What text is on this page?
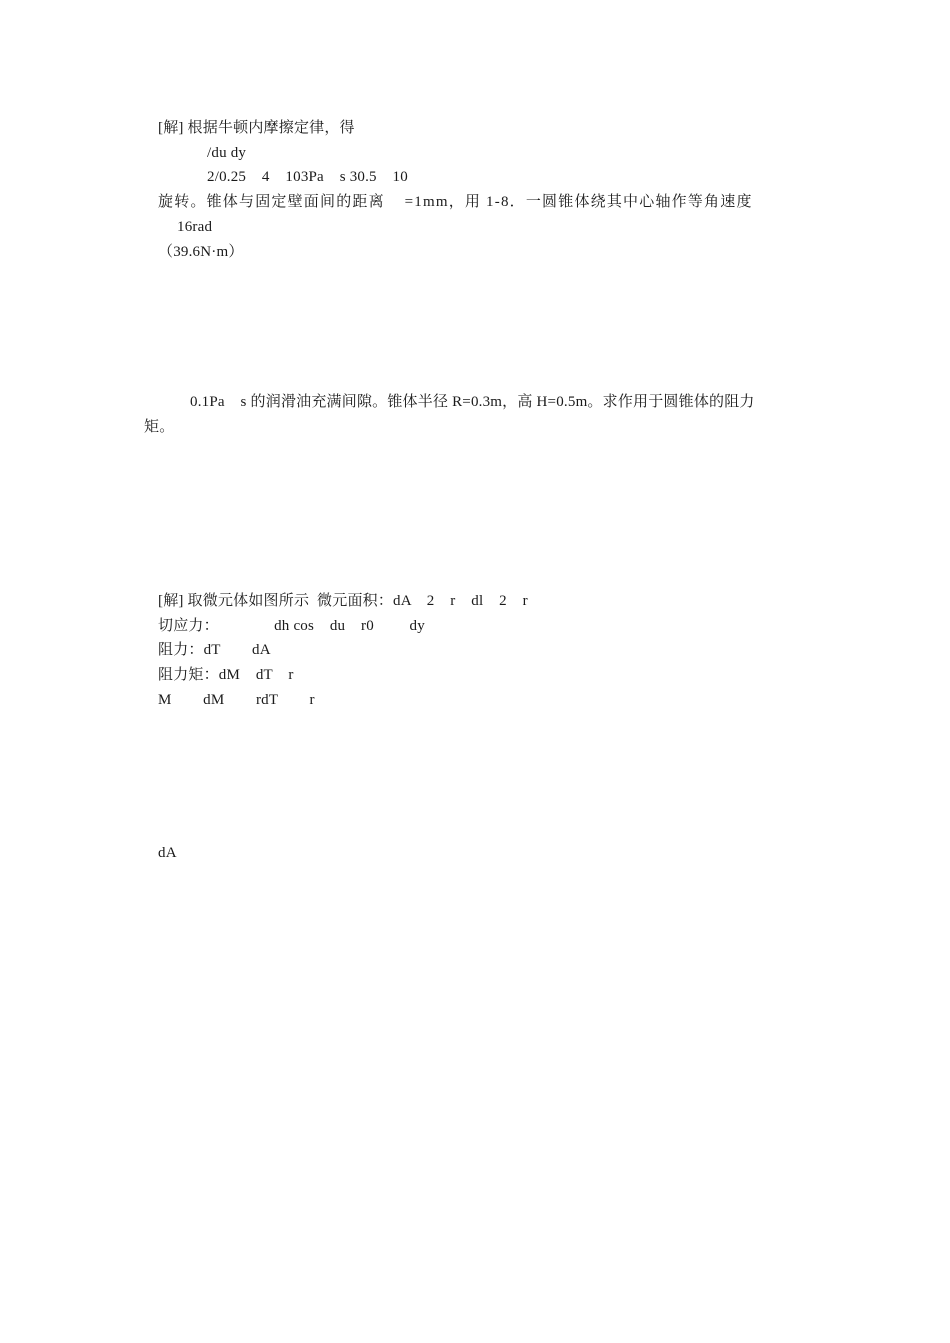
[解] 根据牛顿内摩擦定律，得
/du dy
2/0.25    4    103Pa    s 30.5    10
旋转。锥体与固定壁面间的距离    =1mm，用 1-8．一圆锥体绕其中心轴作等角速度
16rad
（39.6N·m）
0.1Pa    s 的润滑油充满间隙。锥体半径 R=0.3m，高 H=0.5m。求作用于圆锥体的阻力
矩。
[解] 取微元体如图所示  微元面积：dA    2    r    dl    2    r
切应力：              dh cos    du    r0         dy
阻力：dT        dA
阻力矩：dM    dT    r
M        dM        rdT        r
dA
